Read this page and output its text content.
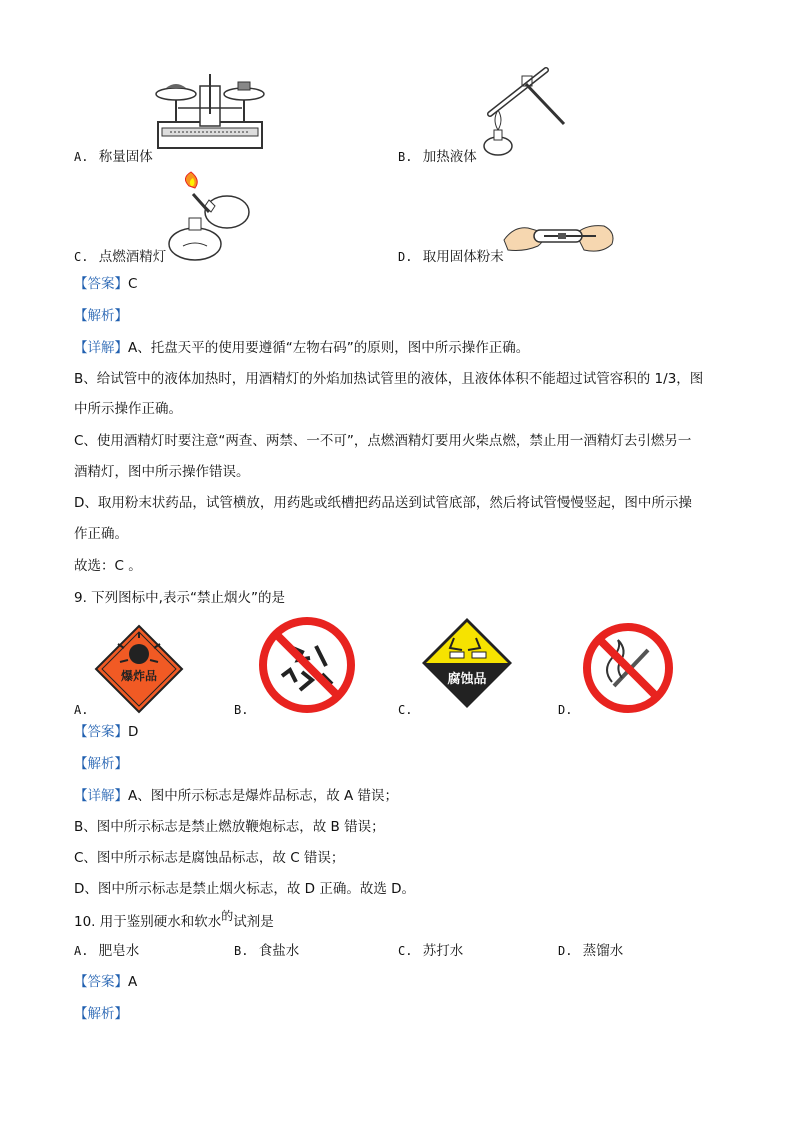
A. 称量固体	B. 加热液体
C. 点燃酒精灯	D. 取用固体粉末
【答案】C
【解析】
【详解】A、托盘天平的使用要遵循“左物右码”的原则，图中所示操作正确。
B、给试管中的液体加热时，用酒精灯的外焰加热试管里的液体，且液体体积不能超过试管容积的 1/3，图
中所示操作正确。
C、使用酒精灯时要注意“两查、两禁、一不可”，点燃酒精灯要用火柴点燃，禁止用一酒精灯去引燃另一
酒精灯，图中所示操作错误。
D、取用粉末状药品，试管横放，用药匙或纸槽把药品送到试管底部，然后将试管慢慢竖起，图中所示操
作正确。
故选：C 。
9. 下列图标中,表示“禁止烟火”的是
爆炸品
A.	B.
腐蚀品
C.	D.
【答案】D
【解析】
【详解】A、图中所示标志是爆炸品标志，故 A 错误；
B、图中所示标志是禁止燃放鞭炮标志，故 B 错误；
C、图中所示标志是腐蚀品标志，故 C 错误；
D、图中所示标志是禁止烟火标志，故 D 正确。故选 D。
10. 用于鉴别硬水和软水的试剂是
A. 肥皂水	B. 食盐水	C. 苏打水	D. 蒸馏水
【答案】A
【解析】
